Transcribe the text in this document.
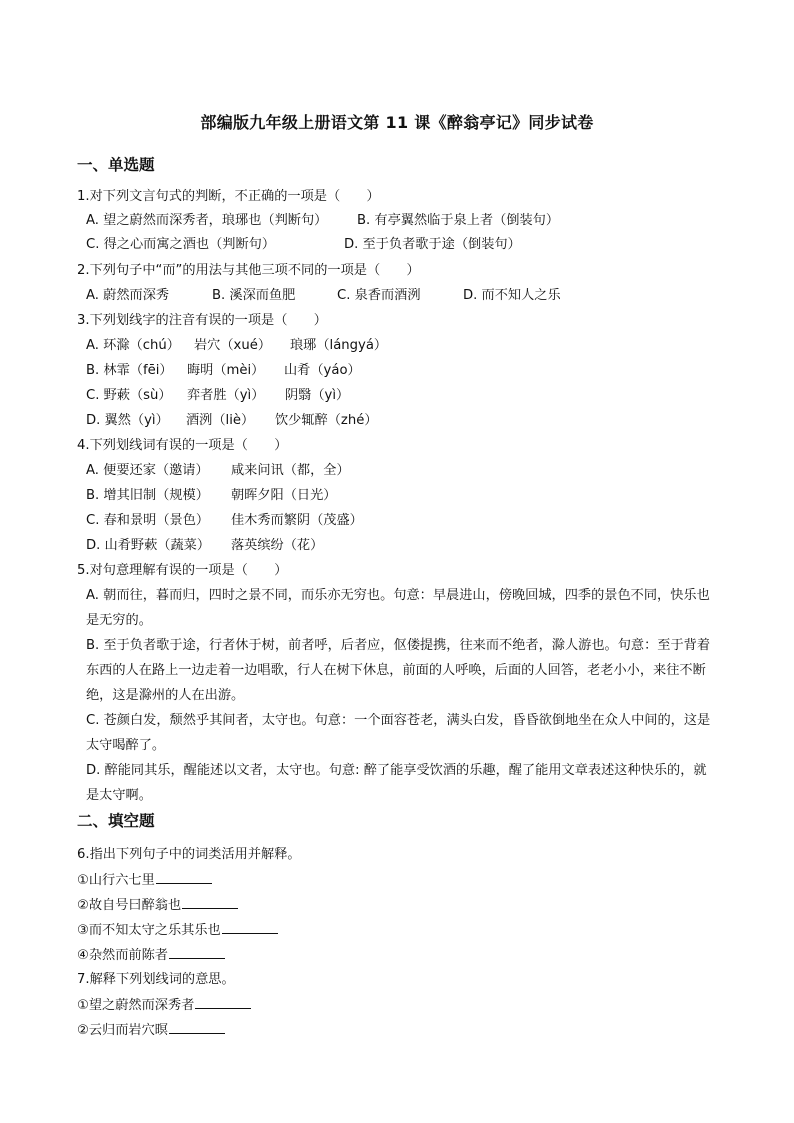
部编版九年级上册语文第 11 课《醉翁亭记》同步试卷
一、单选题
1.对下列文言句式的判断，不正确的一项是（　　）
A. 望之蔚然而深秀者，琅琊也（判断句） B. 有亭翼然临于泉上者（倒装句）
C. 得之心而寓之酒也（判断句）	D. 至于负者歌于途（倒装句）
2.下列句子中“而”的用法与其他三项不同的一项是（　　）
A. 蔚然而深秀	B. 溪深而鱼肥	C. 泉香而酒洌	D. 而不知人之乐
3.下列划线字的注音有误的一项是（　　）
A. 环滁（chú） 岩穴（xué） 琅琊（lángyá）
B. 林霏（fēi） 晦明（mèi） 山肴（yáo）
C. 野蔌（sù） 弈者胜（yì） 阴翳（yì）
D. 翼然（yì） 酒洌（liè） 饮少辄醉（zhé）
4.下列划线词有误的一项是（　　）
A. 便要还家（邀请） 咸来问讯（都，全）
B. 增其旧制（规模） 朝晖夕阳（日光）
C. 春和景明（景色） 佳木秀而繁阴（茂盛）
D. 山肴野蔌（蔬菜） 落英缤纷（花）
5.对句意理解有误的一项是（　　）
A. 朝而往，暮而归，四时之景不同，而乐亦无穷也。句意：早晨进山，傍晚回城，四季的景色不同，快乐也是无穷的。
B. 至于负者歌于途，行者休于树，前者呼，后者应，伛偻提携，往来而不绝者，滁人游也。句意：至于背着东西的人在路上一边走着一边唱歌，行人在树下休息，前面的人呼唤，后面的人回答，老老小小，来往不断绝，这是滁州的人在出游。
C. 苍颜白发，颓然乎其间者，太守也。句意：一个面容苍老，满头白发，昏昏欲倒地坐在众人中间的，这是太守喝醉了。
D. 醉能同其乐，醒能述以文者，太守也。句意: 醉了能享受饮酒的乐趣，醒了能用文章表述这种快乐的，就是太守啊。
二、填空题
6.指出下列句子中的词类活用并解释。
①山行六七里
②故自号曰醉翁也
③而不知太守之乐其乐也
④杂然而前陈者
7.解释下列划线词的意思。
①望之蔚然而深秀者
②云归而岩穴暝
